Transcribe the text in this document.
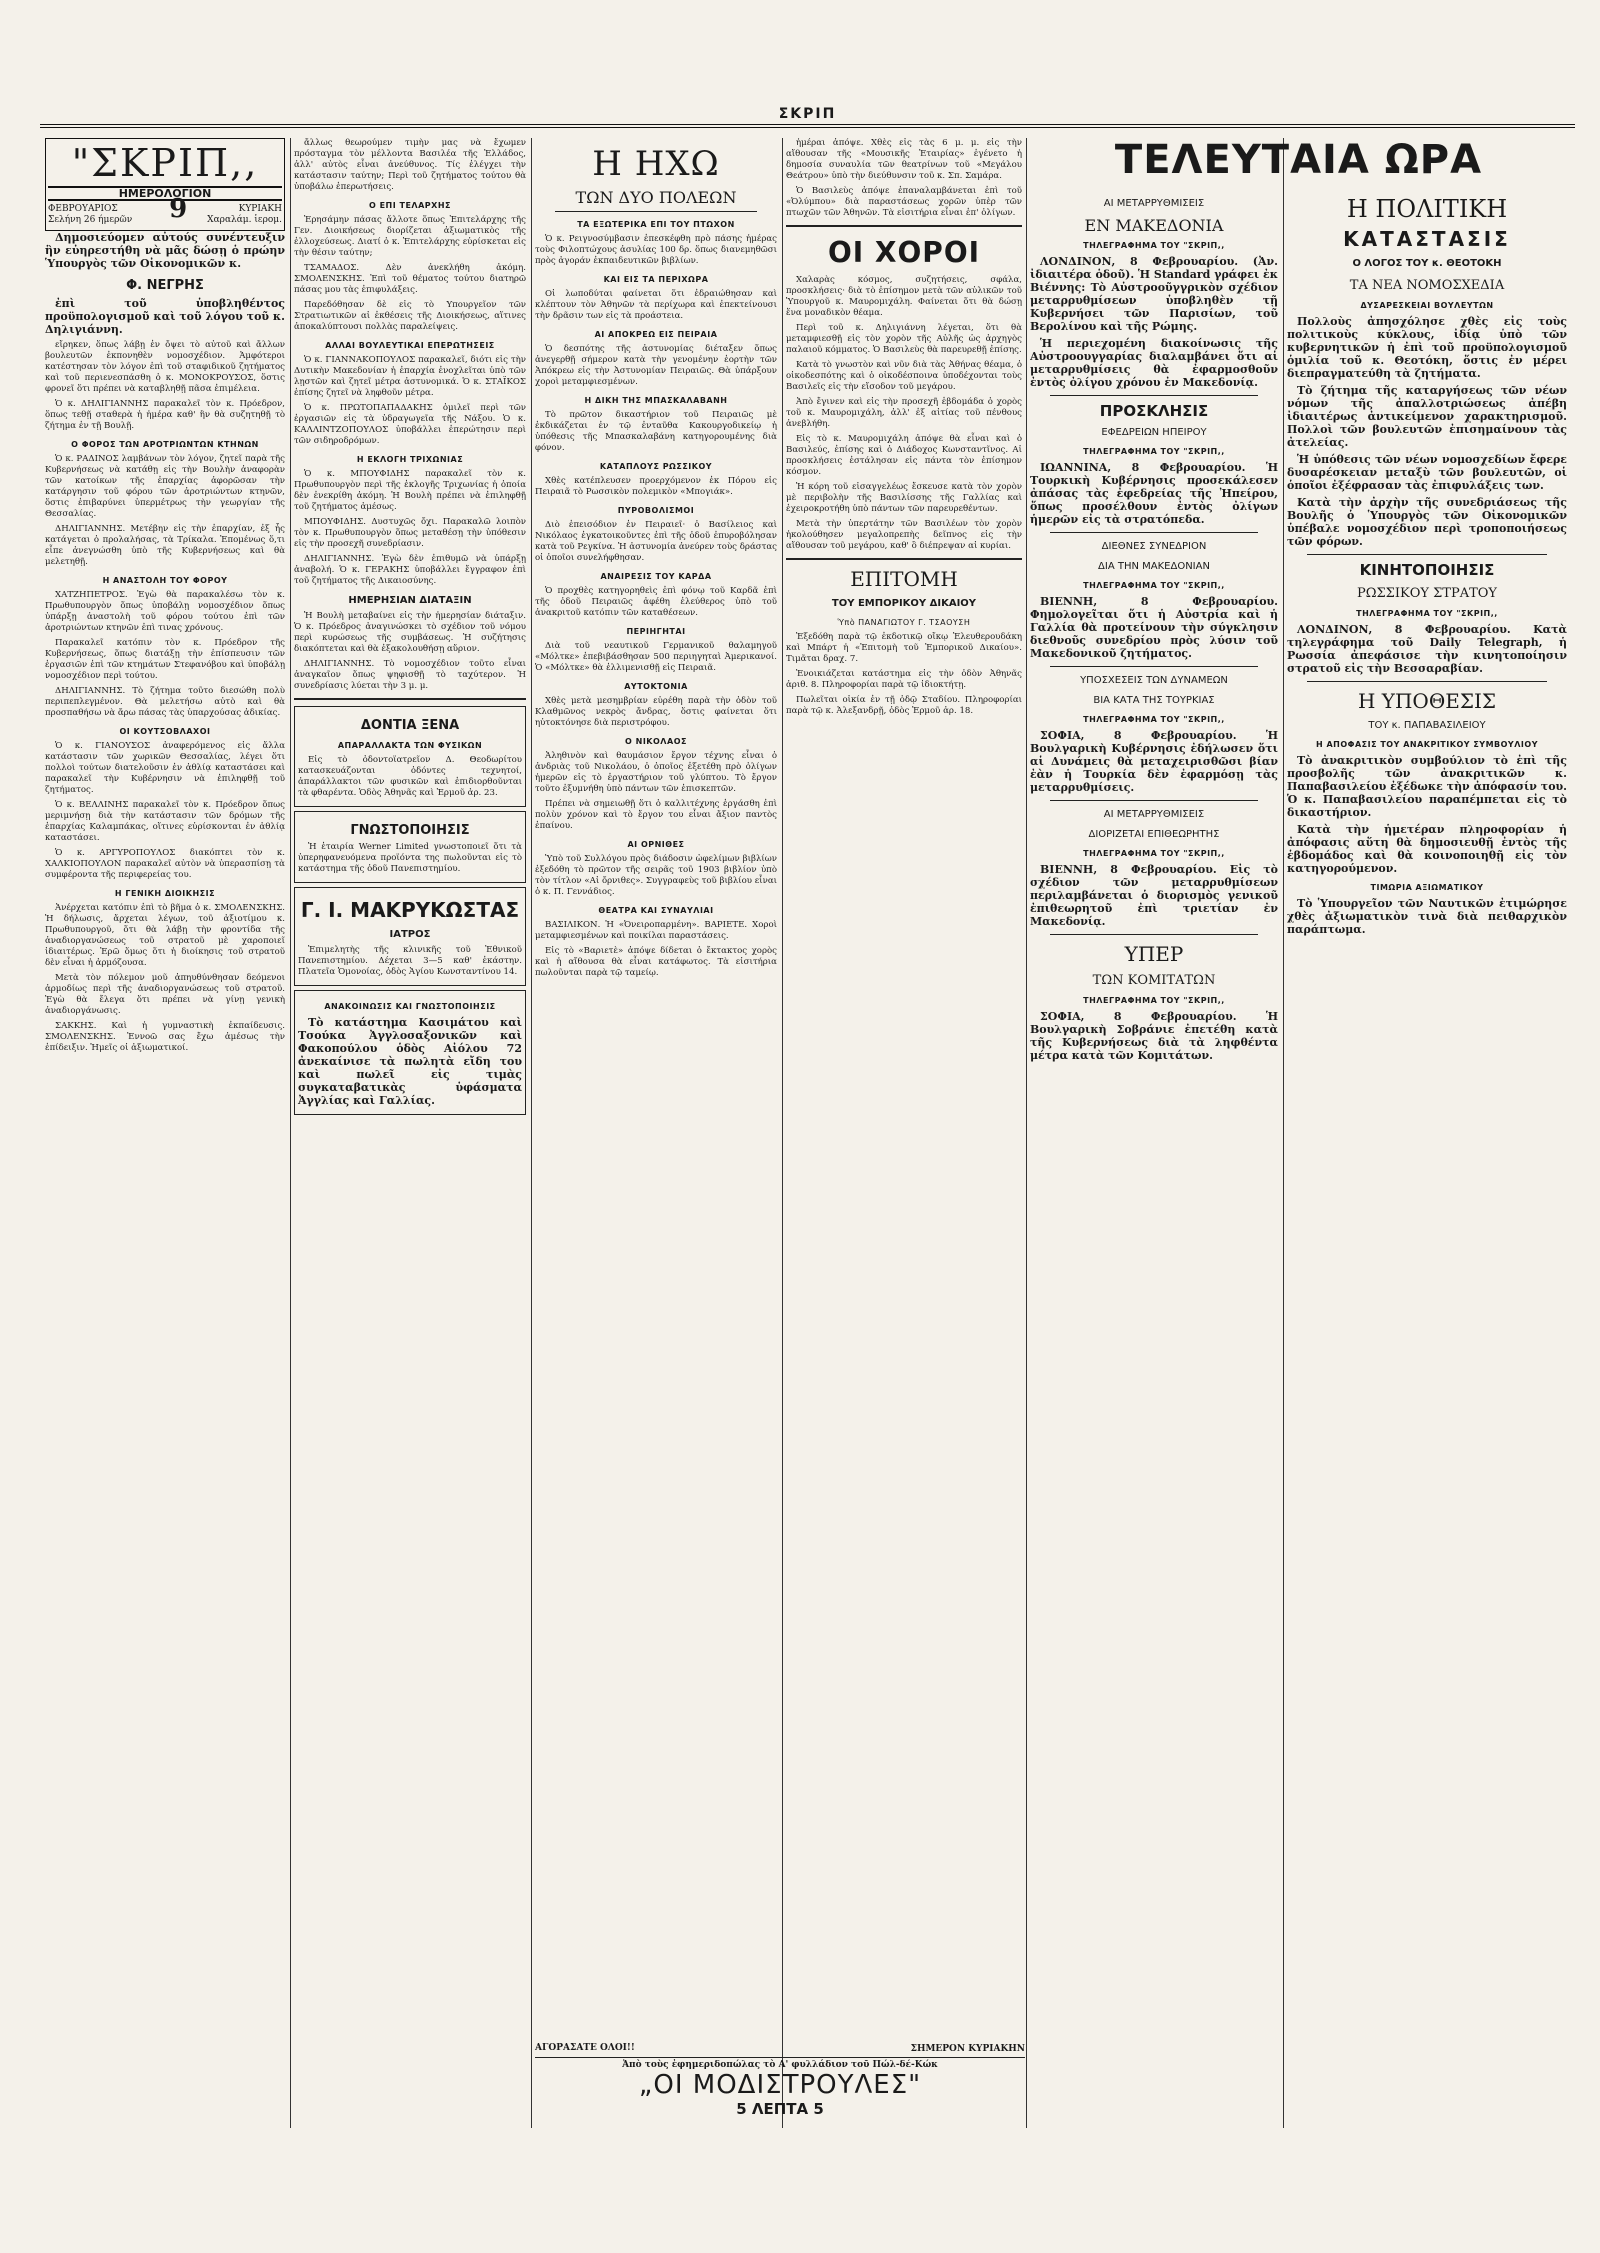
ΣΚΡΙΠ
"ΣΚΡΙΠ,,
ΗΜΕΡΟΛΟΓΙΟΝ
ΦΕΒΡΟΥΑΡΙΟΣ 9	ΚΥΡΙΑΚΗ
Σελήνη 26 ήμερῶν	Χαραλάμ. ἱερομ.

Δημοσιεύομεν αὐτούς συνέντευξιν ἣν εὐηρεστήθη νὰ μᾶς δώσῃ ὁ πρώην Ὑπουργὸς τῶν Οἰκονομικῶν κ.

Φ. ΝΕΓΡΗΣ

ἐπὶ τοῦ ὑποβληθέντος προϋπολογισμοῦ καὶ τοῦ λόγου τοῦ κ. Δηλιγιάννη.

εἴρηκεν, ὅπως λάβῃ ἐν ὄψει τὸ αὐτοῦ καὶ ἄλλων βουλευτῶν ἐκπονηθὲν νομοσχέδιον. Ἀμφότεροι κατέστησαν τὸν λόγον ἐπὶ τοῦ σταφιδικοῦ ζητήματος καὶ τοῦ περιενεσπάσθη ὁ κ. ΜΟΝΟΚΡΟΥΣΟΣ, ὅστις φρονεῖ ὅτι πρέπει νὰ καταβληθῇ πᾶσα ἐπιμέλεια.

Ὁ κ. ΔΗΛΙΓΙΑΝΝΗΣ παρακαλεῖ τὸν κ. Πρόεδρον, ὅπως τεθῇ σταθερὰ ἡ ἡμέρα καθ' ἣν θὰ συζητηθῇ τὸ ζήτημα ἐν τῇ Βουλῇ.

Ο ΦΟΡΟΣ ΤΩΝ ΑΡΟΤΡΙΩΝΤΩΝ ΚΤΗΝΩΝ

Ὁ κ. ΡΑΔΙΝΟΣ λαμβάνων τὸν λόγον, ζητεῖ παρὰ τῆς Κυβερνήσεως νὰ κατάθῃ εἰς τὴν Βουλὴν ἀναφορὰν τῶν κατοίκων τῆς ἐπαρχίας ἀφορῶσαν τὴν κατάργησιν τοῦ φόρου τῶν ἀροτριώντων κτηνῶν, ὅστις ἐπιβαρύνει ὑπερμέτρως τὴν γεωργίαν τῆς Θεσσαλίας.

ΔΗΛΙΓΙΑΝΝΗΣ. Μετέβην εἰς τὴν ἐπαρχίαν, ἐξ ἧς κατάγεται ὁ προλαλήσας, τὰ Τρίκαλα. Ἐπομένως ὅ,τι εἶπε ἀνεγνώσθη ὑπὸ τῆς Κυβερνήσεως καὶ θὰ μελετηθῇ.

Η ΑΝΑΣΤΟΛΗ ΤΟΥ ΦΟΡΟΥ

ΧΑΤΖΗΠΕΤΡΟΣ. Ἐγὼ θὰ παρακαλέσω τὸν κ. Πρωθυπουργὸν ὅπως ὑποβάλῃ νομοσχέδιον ὅπως ὑπάρξῃ ἀναστολὴ τοῦ φόρου τούτου ἐπὶ τῶν ἀροτριώντων κτηνῶν ἐπὶ τινας χρόνους.

Παρακαλεῖ κατόπιν τὸν κ. Πρόεδρον τῆς Κυβερνήσεως, ὅπως διατάξῃ τὴν ἐπίσπευσιν τῶν ἐργασιῶν ἐπὶ τῶν κτημάτων Στεφανόβου καὶ ὑποβάλῃ νομοσχέδιον περὶ τούτου.

ΔΗΛΙΓΙΑΝΝΗΣ. Τὸ ζήτημα τοῦτο διεσώθη πολὺ περιπεπλεγμένον. Θὰ μελετήσω αὐτὸ καὶ θὰ προσπαθήσω νὰ ἄρω πάσας τὰς ὑπαρχούσας ἀδικίας.

ΟΙ ΚΟΥΤΣΟΒΛΑΧΟΙ

Ὁ κ. ΓΙΑΝΟΥΣΟΣ ἀναφερόμενος εἰς ἄλλα κατάστασιν τῶν χωρικῶν Θεσσαλίας, λέγει ὅτι πολλοὶ τούτων διατελοῦσιν ἐν ἀθλίᾳ καταστάσει καὶ παρακαλεῖ τὴν Κυβέρνησιν νὰ ἐπιληφθῇ τοῦ ζητήματος.

Ὁ κ. ΒΕΛΛΙΝΗΣ παρακαλεῖ τὸν κ. Πρόεδρον ὅπως μεριμνήσῃ διὰ τὴν κατάστασιν τῶν δρόμων τῆς ἐπαρχίας Καλαμπάκας, οἵτινες εὑρίσκονται ἐν ἀθλίᾳ καταστάσει.

Ὁ κ. ΑΡΓΥΡΟΠΟΥΛΟΣ διακόπτει τὸν κ. ΧΑΛΚΙΟΠΟΥΛΟΝ παρακαλεῖ αὐτὸν νὰ ὑπερασπίσῃ τὰ συμφέροντα τῆς περιφερείας του.

Η ΓΕΝΙΚΗ ΔΙΟΙΚΗΣΙΣ

Ἀνέρχεται κατόπιν ἐπὶ τὸ βῆμα ὁ κ. ΣΜΟΛΕΝΣΚΗΣ. Ἡ δήλωσις, ἄρχεται λέγων, τοῦ ἀξιοτίμου κ. Πρωθυπουργοῦ, ὅτι θὰ λάβῃ τὴν φροντίδα τῆς ἀναδιοργανώσεως τοῦ στρατοῦ μὲ χαροποιεῖ ἰδιαιτέρως. Ἐρῶ ὅμως ὅτι ἡ διοίκησις τοῦ στρατοῦ δὲν εἶναι ἡ ἁρμόζουσα.

Μετὰ τὸν πόλεμον μοῦ ἀπηυθύνθησαν δεόμενοι ἀρμοδίως περὶ τῆς ἀναδιοργανώσεως τοῦ στρατοῦ. Ἐγὼ θὰ ἔλεγα ὅτι πρέπει νὰ γίνῃ γενικὴ ἀναδιοργάνωσις.

ΣΑΚΚΗΣ. Καὶ ἡ γυμναστικὴ ἐκπαίδευσις. ΣΜΟΛΕΝΣΚΗΣ. Ἐννοῶ σας ἔχω ἀμέσως τὴν ἐπίδειξιν. Ἡμεῖς οἱ ἀξιωματικοί.

ἄλλως θεωρούμεν τιμὴν μας νὰ ἔχωμεν πρόσταγμα τὸν μέλλοντα Βασιλέα τῆς Ἑλλάδος, ἀλλ' αὐτὸς εἶναι ἀνεύθυνος. Τίς ἐλέγχει τὴν κατάστασιν ταύτην; Περὶ τοῦ ζητήματος τούτου θὰ ὑποβάλω ἐπερωτήσεις.

Ο ΕΠΙ ΤΕΛΑΡΧΗΣ

Ἐρησάμην πάσας ἄλλοτε ὅπως Ἐπιτελάρχης τῆς Γεν. Διοικήσεως διορίζεται ἀξιωματικὸς τῆς ἐλλοχεύσεως. Διατί ὁ κ. Ἐπιτελάρχης εὑρίσκεται εἰς τὴν θέσιν ταύτην;

ΤΣΑΜΑΔΟΣ. Δὲν ἀνεκλήθη ἀκόμη. ΣΜΟΛΕΝΣΚΗΣ. Ἐπὶ τοῦ θέματος τούτου διατηρῶ πάσας μου τὰς ἐπιφυλάξεις.

Παρεδόθησαν δὲ εἰς τὸ Υπουργεῖον τῶν Στρατιωτικῶν αἱ ἐκθέσεις τῆς Διοικήσεως, αἵτινες ἀποκαλύπτουσι πολλὰς παραλείψεις.

ΑΛΛΑΙ ΒΟΥΛΕΥΤΙΚΑΙ ΕΠΕΡΩΤΗΣΕΙΣ

Ὁ κ. ΓΙΑΝΝΑΚΟΠΟΥΛΟΣ παρακαλεῖ, διότι εἰς τὴν Δυτικὴν Μακεδονίαν ἡ ἐπαρχία ἐνοχλεῖται ὑπὸ τῶν λῃστῶν καὶ ζητεῖ μέτρα ἀστυνομικά. Ὁ κ. ΣΤΑΪΚΟΣ ἐπίσης ζητεῖ νὰ ληφθοῦν μέτρα.

Ὁ κ. ΠΡΩΤΟΠΑΠΑΔΑΚΗΣ ὁμιλεῖ περὶ τῶν ἐργασιῶν εἰς τὰ ὑδραγωγεῖα τῆς Νάξου. Ὁ κ. ΚΑΛΛΙΝΤΖΟΠΟΥΛΟΣ ὑποβάλλει ἐπερώτησιν περὶ τῶν σιδηροδρόμων.

Η ΕΚΛΟΓΗ ΤΡΙΧΩΝΙΑΣ

Ὁ κ. ΜΠΟΥΦΙΔΗΣ παρακαλεῖ τὸν κ. Πρωθυπουργὸν περὶ τῆς ἐκλογῆς Τριχωνίας ἡ ὁποία δὲν ἐνεκρίθη ἀκόμη. Ἡ Βουλὴ πρέπει νὰ ἐπιληφθῇ τοῦ ζητήματος ἀμέσως.

ΜΠΟΥΦΙΔΗΣ. Δυστυχῶς ὄχι. Παρακαλῶ λοιπὸν τὸν κ. Πρωθυπουργὸν ὅπως μεταθέσῃ τὴν ὑπόθεσιν εἰς τὴν προσεχῆ συνεδρίασιν.

ΔΗΛΙΓΙΑΝΝΗΣ. Ἐγὼ δὲν ἐπιθυμῶ νὰ ὑπάρξῃ ἀναβολή. Ὁ κ. ΓΕΡΑΚΗΣ ὑποβάλλει ἔγγραφον ἐπὶ τοῦ ζητήματος τῆς Δικαιοσύνης.

ΗΜΕΡΗΣΙΑΝ ΔΙΑΤΑΞΙΝ

Ἡ Βουλὴ μεταβαίνει εἰς τὴν ἡμερησίαν διάταξιν. Ὁ κ. Πρόεδρος ἀναγινώσκει τὸ σχέδιον τοῦ νόμου περὶ κυρώσεως τῆς συμβάσεως. Ἡ συζήτησις διακόπτεται καὶ θὰ ἐξακολουθήσῃ αὔριον.

ΔΗΛΙΓΙΑΝΝΗΣ. Τὸ νομοσχέδιον τοῦτο εἶναι ἀναγκαῖον ὅπως ψηφισθῇ τὸ ταχύτερον. Ἡ συνεδρίασις λύεται τὴν 3 μ. μ.

ΔΟΝΤΙΑ ΞΕΝΑ
ΑΠΑΡΑΛΛΑΚΤΑ ΤΩΝ ΦΥΣΙΚΩΝ

Εἰς τὸ ὀδοντοϊατρεῖον Δ. Θεοδωρίτου κατασκευάζονται ὀδόντες τεχνητοί, ἀπαράλλακτοι τῶν φυσικῶν καὶ ἐπιδιορθοῦνται τὰ φθαρέντα. Ὁδὸς Ἀθηνᾶς καὶ Ἑρμοῦ ἀρ. 23.

ΓΝΩΣΤΟΠΟΙΗΣΙΣ

Ἡ ἑταιρία Werner Limited γνωστοποιεῖ ὅτι τὰ ὑπερηφανευόμενα προϊόντα της πωλοῦνται εἰς τὸ κατάστημα τῆς ὁδοῦ Πανεπιστημίου.

Γ. Ι. ΜΑΚΡΥΚΩΣΤΑΣ
ΙΑΤΡΟΣ

Ἐπιμελητὴς τῆς κλινικῆς τοῦ Ἐθνικοῦ Πανεπιστημίου. Δέχεται 3—5 καθ' ἑκάστην. Πλατεῖα Ὁμονοίας, ὁδὸς Ἁγίου Κωνσταντίνου 14.

ΑΝΑΚΟΙΝΩΣΙΣ ΚΑΙ ΓΝΩΣΤΟΠΟΙΗΣΙΣ

Τὸ κατάστημα Κασιμάτου καὶ Τσούκα Ἀγγλοσαξονικῶν καὶ Φακοπούλου ὁδὸς Αἰόλου 72 ἀνεκαίνισε τὰ πωλητὰ εἴδη του καὶ πωλεῖ εἰς τιμὰς συγκαταβατικὰς ὑφάσματα Ἀγγλίας καὶ Γαλλίας.

Η ΗΧΩ
ΤΩΝ ΔΥΟ ΠΟΛΕΩΝ
ΤΑ ΕΞΩΤΕΡΙΚΑ ΕΠΙ ΤΟΥ ΠΤΩΧΟΝ

Ὁ κ. Ρειγνοσύμβασιν ἐπεσκέφθη πρὸ πάσης ἡμέρας τοὺς Φιλοπτώχους ἀσυλίας 100 δρ. ὅπως διανεμηθῶσι πρὸς ἀγοράν ἐκπαιδευτικῶν βιβλίων.

ΚΑΙ ΕΙΣ ΤΑ ΠΕΡΙΧΩΡΑ

Οἱ λωποδύται φαίνεται ὅτι ἐδραιώθησαν καὶ κλέπτουν τὸν Ἀθηνῶν τὰ περίχωρα καὶ ἐπεκτείνουσι τὴν δρᾶσιν των εἰς τὰ προάστεια.

ΑΙ ΑΠΟΚΡΕΩ ΕΙΣ ΠΕΙΡΑΙΑ

Ὁ δεσπότης τῆς ἀστυνομίας διέταξεν ὅπως ἀνεγερθῇ σήμερον κατὰ τὴν γενομένην ἑορτὴν τῶν Ἀπόκρεω εἰς τὴν Ἀστυνομίαν Πειραιῶς. Θὰ ὑπάρξουν χοροὶ μεταμφιεσμένων.

Η ΔΙΚΗ ΤΗΣ ΜΠΑΣΚΑΛΑΒΑΝΗ

Τὸ πρῶτον δικαστήριον τοῦ Πειραιῶς μὲ ἐκδικάζεται ἐν τῷ ἐνταῦθα Κακουργοδικείῳ ἡ ὑπόθεσις τῆς Μπασκαλαβάνη κατηγορουμένης διὰ φόνον.

ΚΑΤΑΠΛΟΥΣ ΡΩΣΣΙΚΟΥ

Χθὲς κατέπλευσεν προερχόμενον ἐκ Πόρου εἰς Πειραιᾶ τὸ Ρωσσικὸν πολεμικὸν «Μπογιάκ».

ΠΥΡΟΒΟΛΙΣΜΟΙ

Διὸ ἐπεισόδιον ἐν Πειραιεῖ· ὁ Βασίλειος καὶ Νικόλαος ἐγκατοικοῦντες ἐπὶ τῆς ὁδοῦ ἐπυροβόλησαν κατὰ τοῦ Ρεγκίνα. Ἡ ἀστυνομία ἀνεύρεν τοὺς δράστας οἱ ὁποῖοι συνελήφθησαν.

ΑΝΑΙΡΕΣΙΣ ΤΟΥ ΚΑΡΔΑ

Ὁ προχθὲς κατηγορηθεὶς ἐπὶ φόνῳ τοῦ Καρδᾶ ἐπὶ τῆς ὁδοῦ Πειραιῶς ἀφέθη ἐλεύθερος ὑπὸ τοῦ ἀνακριτοῦ κατόπιν τῶν καταθέσεων.

ΠΕΡΙΗΓΗΤΑΙ

Διὰ τοῦ νεαυτικοῦ Γερμανικοῦ θαλαμηγοῦ «Μόλτκε» ἐπεβιβάσθησαν 500 περιηγηταὶ Ἀμερικανοί. Ὁ «Μόλτκε» θὰ ἐλλιμενισθῇ εἰς Πειραιᾶ.

ΑΥΤΟΚΤΟΝΙΑ

Χθὲς μετὰ μεσημβρίαν εὑρέθη παρὰ τὴν ὁδὸν τοῦ Κλαθμῶνος νεκρὸς ἄνδρας, ὅστις φαίνεται ὅτι ηὐτοκτόνησε διὰ περιστρόφου.

Ο ΝΙΚΟΛΑΟΣ

Ἀληθινὸν καὶ θαυμάσιον ἔργον τέχνης εἶναι ὁ ἀνδριὰς τοῦ Νικολάου, ὁ ὁποῖος ἐξετέθη πρὸ ὀλίγων ἡμερῶν εἰς τὸ ἐργαστήριον τοῦ γλύπτου. Τὸ ἔργον τοῦτο ἐξυμνήθη ὑπὸ πάντων τῶν ἐπισκεπτῶν.

Πρέπει νὰ σημειωθῇ ὅτι ὁ καλλιτέχνης ἐργάσθη ἐπὶ πολὺν χρόνον καὶ τὸ ἔργον του εἶναι ἄξιον παντὸς ἐπαίνου.

ΑΙ ΟΡΝΙΘΕΣ

Ὑπὸ τοῦ Συλλόγου πρὸς διάδοσιν ὠφελίμων βιβλίων ἐξεδόθη τὸ πρῶτον τῆς σειρᾶς τοῦ 1903 βιβλίον ὑπὸ τὸν τίτλον «Αἱ ὄρνιθες». Συγγραφεὺς τοῦ βιβλίου εἶναι ὁ κ. Π. Γεννάδιος.

ΘΕΑΤΡΑ ΚΑΙ ΣΥΝΑΥΛΙΑΙ

ΒΑΣΙΛΙΚΟΝ. Ἡ «Ὀνειροπαρμένη». ΒΑΡΙΕΤΕ. Χοροὶ μεταμφιεσμένων καὶ ποικίλαι παραστάσεις.

Εἰς τὸ «Βαριετὲ» ἀπόψε δίδεται ὁ ἔκτακτος χορὸς καὶ ἡ αἴθουσα θὰ εἶναι κατάφωτος. Τὰ εἰσιτήρια πωλοῦνται παρὰ τῷ ταμείῳ.

ἡμέραι ἀπόψε. Χθὲς εἰς τὰς 6 μ. μ. εἰς τὴν αἴθουσαν τῆς «Μουσικῆς Ἑταιρίας» ἐγένετο ἡ δημοσία συναυλία τῶν θεατρίνων τοῦ «Μεγάλου Θεάτρου» ὑπὸ τὴν διεύθυνσιν τοῦ κ. Σπ. Σαμάρα.

Ὁ Βασιλεὺς ἀπόψε ἐπαναλαμβάνεται ἐπὶ τοῦ «Ὀλύμπου» διὰ παραστάσεως χορῶν ὑπὲρ τῶν πτωχῶν τῶν Ἀθηνῶν. Τὰ εἰσιτήρια εἶναι ἐπ' ὀλίγων.

ΟΙ ΧΟΡΟΙ

Χαλαρὰς κόσμος, συζητήσεις, σφάλα, προσκλήσεις· διὰ τὸ ἐπίσημον μετὰ τῶν αὐλικῶν τοῦ Ὑπουργοῦ κ. Μαυρομιχάλη. Φαίνεται ὅτι θὰ δώσῃ ἕνα μοναδικὸν θέαμα.

Περὶ τοῦ κ. Δηλιγιάννη λέγεται, ὅτι θὰ μεταμφιεσθῇ εἰς τὸν χορὸν τῆς Αὐλῆς ὡς ἀρχηγὸς παλαιοῦ κόμματος. Ὁ Βασιλεὺς θὰ παρευρεθῇ ἐπίσης.

Κατὰ τὸ γνωστὸν καὶ νῦν διὰ τὰς Ἀθήνας θέαμα, ὁ οἰκοδεσπότης καὶ ὁ οἰκοδέσποινα ὑποδέχονται τοὺς Βασιλεῖς εἰς τὴν εἴσοδον τοῦ μεγάρου.

Ἀπὸ ἔγινεν καὶ εἰς τὴν προσεχῆ ἑβδομάδα ὁ χορὸς τοῦ κ. Μαυρομιχάλη, ἀλλ' ἐξ αἰτίας τοῦ πένθους ἀνεβλήθη.

Εἰς τὸ κ. Μαυρομιχάλη ἀπόψε θὰ εἶναι καὶ ὁ Βασιλεύς, ἐπίσης καὶ ὁ Διάδοχος Κωνσταντῖνος. Αἱ προσκλήσεις ἐστάλησαν εἰς πάντα τὸν ἐπίσημον κόσμον.

Ἡ κόρη τοῦ εἰσαγγελέως ἔσκευσε κατὰ τὸν χορὸν μὲ περιβολὴν τῆς Βασιλίσσης τῆς Γαλλίας καὶ ἐχειροκροτήθη ὑπὸ πάντων τῶν παρευρεθέντων.

Μετὰ τὴν ὑπερτάτην τῶν Βασιλέων τὸν χορὸν ἠκολούθησεν μεγαλοπρεπὴς δεῖπνος εἰς τὴν αἴθουσαν τοῦ μεγάρου, καθ' ὃ διέπρεψαν αἱ κυρίαι.

ΕΠΙΤΟΜΗ
ΤΟΥ ΕΜΠΟΡΙΚΟΥ ΔΙΚΑΙΟΥ
Ὑπὸ ΠΑΝΑΓΙΩΤΟΥ Γ. ΤΣΑΟΥΣΗ

Ἐξεδόθη παρὰ τῷ ἐκδοτικῷ οἴκῳ Ἐλευθερουδάκη καὶ Μπάρτ ἡ «Ἐπιτομὴ τοῦ Ἐμπορικοῦ Δικαίου». Τιμᾶται δραχ. 7.

Ἐνοικιάζεται κατάστημα εἰς τὴν ὁδὸν Ἀθηνᾶς ἀριθ. 8. Πληροφορίαι παρὰ τῷ ἰδιοκτήτῃ.

Πωλεῖται οἰκία ἐν τῇ ὁδῷ Σταδίου. Πληροφορίαι παρὰ τῷ κ. Ἀλεξανδρῇ, ὁδὸς Ἑρμοῦ ἀρ. 18.

ΤΕΛΕΥΤΑΙΑ ΩΡΑ
ΑΙ ΜΕΤΑΡΡΥΘΜΙΣΕΙΣ
ΕΝ ΜΑΚΕΔΟΝΙΑ
ΤΗΛΕΓΡΑΦΗΜΑ ΤΟΥ "ΣΚΡΙΠ,,

ΛΟΝΔΙΝΟΝ, 8 Φεβρουαρίου. (Ἀν. ἰδιαιτέρα ὁδοῦ). Ἡ Standard γράφει ἐκ Βιέννης: Τὸ Αὐστροοῦγγρικὸν σχέδιον μεταρρυθμίσεων ὑποβληθὲν τῇ Κυβερνήσει τῶν Παρισίων, τοῦ Βερολίνου καὶ τῆς Ρώμης.

Ἡ περιεχομένη διακοίνωσις τῆς Αὐστροουγγαρίας διαλαμβάνει ὅτι αἱ μεταρρυθμίσεις θὰ ἐφαρμοσθοῦν ἐντὸς ὀλίγου χρόνου ἐν Μακεδονίᾳ.

ΠΡΟΣΚΛΗΣΙΣ
ΕΦΕΔΡΕΙΩΝ ΗΠΕΙΡΟΥ
ΤΗΛΕΓΡΑΦΗΜΑ ΤΟΥ "ΣΚΡΙΠ,,

ΙΩΑΝΝΙΝΑ, 8 Φεβρουαρίου. Ἡ Τουρκικὴ Κυβέρνησις προσεκάλεσεν ἀπάσας τὰς ἐφεδρείας τῆς Ἠπείρου, ὅπως προσέλθουν ἐντὸς ὀλίγων ἡμερῶν εἰς τὰ στρατόπεδα.

ΔΙΕΘΝΕΣ ΣΥΝΕΔΡΙΟΝ
ΔΙΑ ΤΗΝ ΜΑΚΕΔΟΝΙΑΝ
ΤΗΛΕΓΡΑΦΗΜΑ ΤΟΥ "ΣΚΡΙΠ,,

ΒΙΕΝΝΗ, 8 Φεβρουαρίου. Φημολογεῖται ὅτι ἡ Αὐστρία καὶ ἡ Γαλλία θὰ προτείνουν τὴν σύγκλησιν διεθνοῦς συνεδρίου πρὸς λύσιν τοῦ Μακεδονικοῦ ζητήματος.

ΥΠΟΣΧΕΣΕΙΣ ΤΩΝ ΔΥΝΑΜΕΩΝ
ΒΙΑ ΚΑΤΑ ΤΗΣ ΤΟΥΡΚΙΑΣ
ΤΗΛΕΓΡΑΦΗΜΑ ΤΟΥ "ΣΚΡΙΠ,,

ΣΟΦΙΑ, 8 Φεβρουαρίου. Ἡ Βουλγαρικὴ Κυβέρνησις ἐδήλωσεν ὅτι αἱ Δυνάμεις θὰ μεταχειρισθῶσι βίαν ἐὰν ἡ Τουρκία δὲν ἐφαρμόσῃ τὰς μεταρρυθμίσεις.

ΑΙ ΜΕΤΑΡΡΥΘΜΙΣΕΙΣ
ΔΙΟΡΙΖΕΤΑΙ ΕΠΙΘΕΩΡΗΤΗΣ
ΤΗΛΕΓΡΑΦΗΜΑ ΤΟΥ "ΣΚΡΙΠ,,

ΒΙΕΝΝΗ, 8 Φεβρουαρίου. Εἰς τὸ σχέδιον τῶν μεταρρυθμίσεων περιλαμβάνεται ὁ διορισμὸς γενικοῦ ἐπιθεωρητοῦ ἐπὶ τριετίαν ἐν Μακεδονίᾳ.

ΥΠΕΡ
ΤΩΝ ΚΟΜΙΤΑΤΩΝ
ΤΗΛΕΓΡΑΦΗΜΑ ΤΟΥ "ΣΚΡΙΠ,,

ΣΟΦΙΑ, 8 Φεβρουαρίου. Ἡ Βουλγαρικὴ Σοβράνιε ἐπετέθη κατὰ τῆς Κυβερνήσεως διὰ τὰ ληφθέντα μέτρα κατὰ τῶν Κομιτάτων.

Η ΠΟΛΙΤΙΚΗ
ΚΑΤΑΣΤΑΣΙΣ
Ο ΛΟΓΟΣ ΤΟΥ κ. ΘΕΟΤΟΚΗ
ΤΑ ΝΕΑ ΝΟΜΟΣΧΕΔΙΑ
ΔΥΣΑΡΕΣΚΕΙΑΙ ΒΟΥΛΕΥΤΩΝ

Πολλοὺς ἀπησχόλησε χθὲς εἰς τοὺς πολιτικοὺς κύκλους, ἰδίᾳ ὑπὸ τῶν κυβερνητικῶν ἡ ἐπὶ τοῦ προϋπολογισμοῦ ὁμιλία τοῦ κ. Θεοτόκη, ὅστις ἐν μέρει διεπραγματεύθη τὰ ζητήματα.

Τὸ ζήτημα τῆς καταργήσεως τῶν νέων νόμων τῆς ἀπαλλοτριώσεως ἀπέβη ἰδιαιτέρως ἀντικείμενον χαρακτηρισμοῦ. Πολλοὶ τῶν βουλευτῶν ἐπισημαίνουν τὰς ἀτελείας.

Ἡ ὑπόθεσις τῶν νέων νομοσχεδίων ἔφερε δυσαρέσκειαν μεταξὺ τῶν βουλευτῶν, οἱ ὁποῖοι ἐξέφρασαν τὰς ἐπιφυλάξεις των.

Κατὰ τὴν ἀρχὴν τῆς συνεδριάσεως τῆς Βουλῆς ὁ Ὑπουργὸς τῶν Οἰκονομικῶν ὑπέβαλε νομοσχέδιον περὶ τροποποιήσεως τῶν φόρων.

ΚΙΝΗΤΟΠΟΙΗΣΙΣ
ΡΩΣΣΙΚΟΥ ΣΤΡΑΤΟΥ
ΤΗΛΕΓΡΑΦΗΜΑ ΤΟΥ "ΣΚΡΙΠ,,

ΛΟΝΔΙΝΟΝ, 8 Φεβρουαρίου. Κατὰ τηλεγράφημα τοῦ Daily Telegraph, ἡ Ρωσσία ἀπεφάσισε τὴν κινητοποίησιν στρατοῦ εἰς τὴν Βεσσαραβίαν.

Η ΥΠΟΘΕΣΙΣ
ΤΟΥ κ. ΠΑΠΑΒΑΣΙΛΕΙΟΥ
Η ΑΠΟΦΑΣΙΣ ΤΟΥ ΑΝΑΚΡΙΤΙΚΟΥ ΣΥΜΒΟΥΛΙΟΥ

Τὸ ἀνακριτικὸν συμβούλιον τὸ ἐπὶ τῆς προσβολῆς τῶν ἀνακριτικῶν κ. Παπαβασιλείου ἐξέδωκε τὴν ἀπόφασίν του. Ὁ κ. Παπαβασιλείου παραπέμπεται εἰς τὸ δικαστήριον.

Κατὰ τὴν ἡμετέραν πληροφορίαν ἡ ἀπόφασις αὕτη θὰ δημοσιευθῇ ἐντὸς τῆς ἑβδομάδος καὶ θὰ κοινοποιηθῇ εἰς τὸν κατηγορούμενον.

ΤΙΜΩΡΙΑ ΑΞΙΩΜΑΤΙΚΟΥ

Τὸ Ὑπουργεῖον τῶν Ναυτικῶν ἐτιμώρησε χθὲς ἀξιωματικὸν τινὰ διὰ πειθαρχικὸν παράπτωμα.

ΣΗΜΕΡΟΝ ΚΥΡΙΑΚΗΝ
ΑΓΟΡΑΣΑΤΕ ΟΛΟΙ!!
Ἀπὸ τοὺς ἐφημεριδοπώλας τὸ Α' φυλλάδιον τοῦ Πώλ-δέ-Κώκ
„ΟΙ ΜΟΔΙΣΤΡΟΥΛΕΣ"
5 ΛΕΠΤΑ 5
